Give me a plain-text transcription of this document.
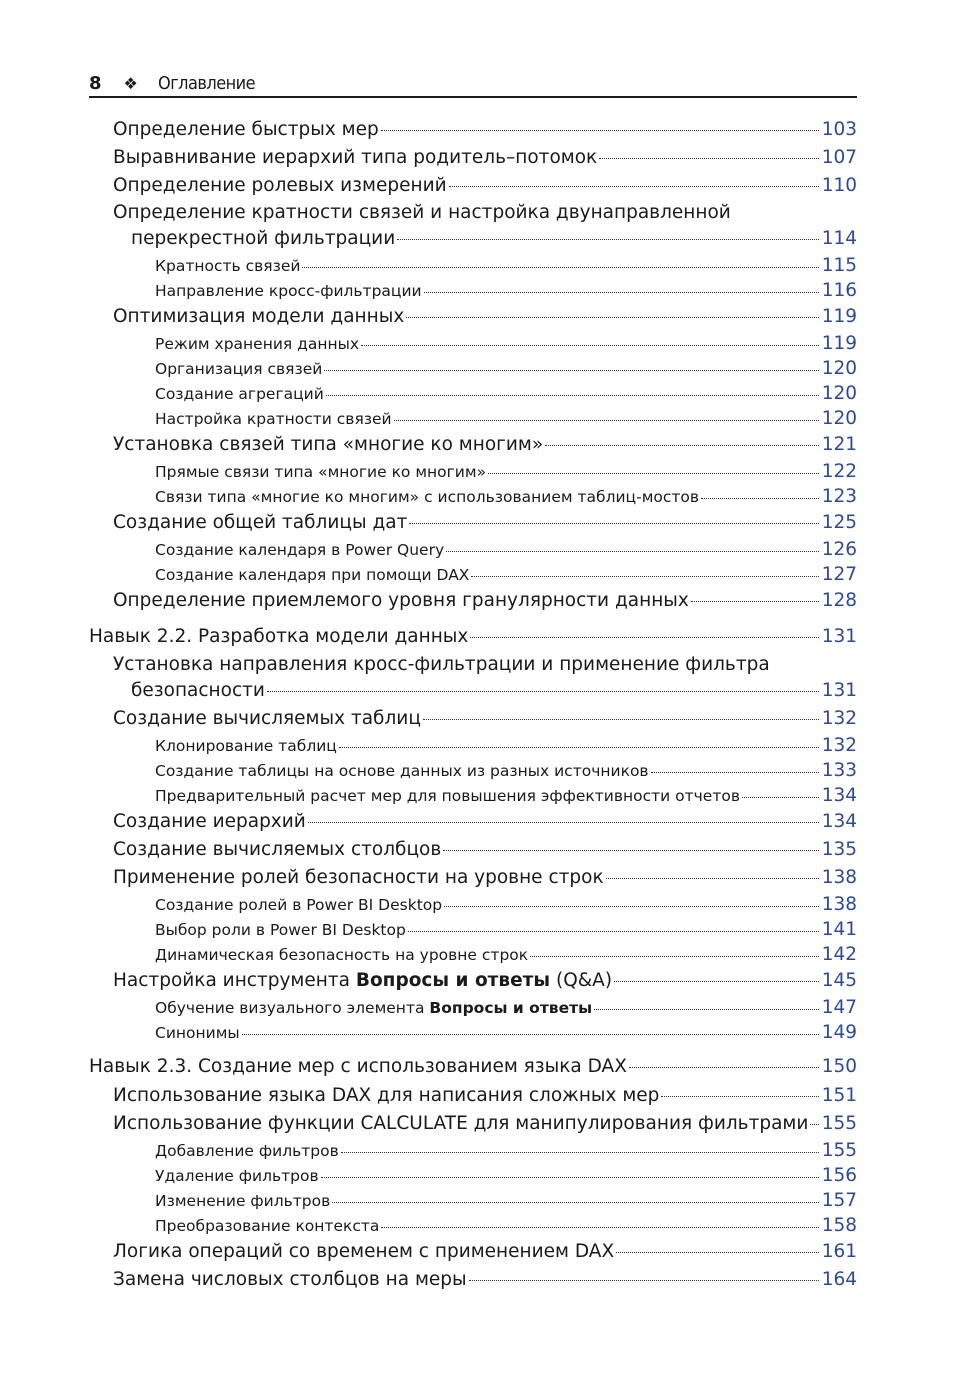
8 ❖ Оглавление
Определение быстрых мер	103
Выравнивание иерархий типа родитель–потомок	107
Определение ролевых измерений	110
Определение кратности связей и настройка двунаправленной
перекрестной фильтрации	114
Кратность связей	115
Направление кросс-фильтрации	116
Оптимизация модели данных	119
Режим хранения данных	119
Организация связей	120
Создание агрегаций	120
Настройка кратности связей	120
Установка связей типа «многие ко многим»	121
Прямые связи типа «многие ко многим»	122
Связи типа «многие ко многим» с использованием таблиц-мостов	123
Создание общей таблицы дат	125
Создание календаря в Power Query	126
Создание календаря при помощи DAX	127
Определение приемлемого уровня гранулярности данных	128
Навык 2.2. Разработка модели данных	131
Установка направления кросс-фильтрации и применение фильтра
безопасности	131
Создание вычисляемых таблиц	132
Клонирование таблиц	132
Создание таблицы на основе данных из разных источников	133
Предварительный расчет мер для повышения эффективности отчетов	134
Создание иерархий	134
Создание вычисляемых столбцов	135
Применение ролей безопасности на уровне строк	138
Создание ролей в Power BI Desktop	138
Выбор роли в Power BI Desktop	141
Динамическая безопасность на уровне строк	142
Настройка инструмента Вопросы и ответы (Q&A)	145
Обучение визуального элемента Вопросы и ответы	147
Синонимы	149
Навык 2.3. Создание мер с использованием языка DAX	150
Использование языка DAX для написания сложных мер	151
Использование функции CALCULATE для манипулирования фильтрами 155
Добавление фильтров	155
Удаление фильтров	156
Изменение фильтров	157
Преобразование контекста	158
Логика операций со временем с применением DAX	161
Замена числовых столбцов на меры	164
